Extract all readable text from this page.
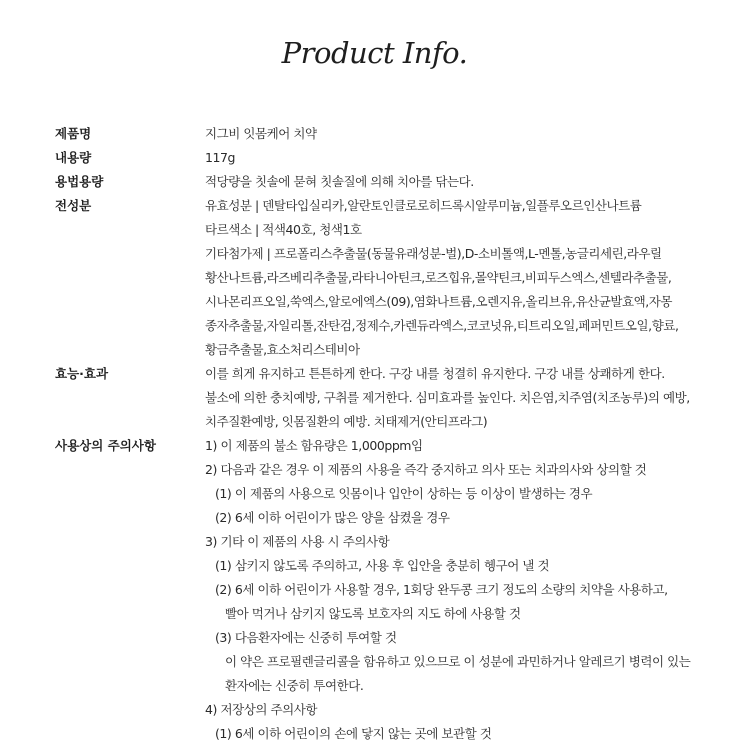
Product Info.
제품명	지그비 잇몸케어 치약
내용량	117g
용법용량	적당량을 칫솔에 묻혀 칫솔질에 의해 치아를 닦는다.
전성분	유효성분 | 덴탈타입실리카,알란토인클로로히드록시알루미늄,일플루오르인산나트륨
타르색소 | 적색40호, 청색1호
기타첨가제 | 프로폴리스추출물(동물유래성분-벌),D-소비톨액,L-멘톨,농글리세린,라우릴
황산나트륨,라즈베리추출물,라타니아틴크,로즈힙유,몰약틴크,비피두스엑스,센텔라추출물,
시나몬리프오일,쑥엑스,알로에엑스(09),염화나트륨,오렌지유,올리브유,유산균발효액,자몽
종자추출물,자일리톨,잔탄검,정제수,카렌듀라엑스,코코넛유,티트리오일,페퍼민트오일,향료,
황금추출물,효소처리스테비아
효능·효과	이를 희게 유지하고 튼튼하게 한다. 구강 내를 청결히 유지한다. 구강 내를 상쾌하게 한다.
불소에 의한 충치예방, 구취를 제거한다. 심미효과를 높인다. 치은염,치주염(치조농루)의 예방,
치주질환예방, 잇몸질환의 예방. 치태제거(안티프라그)
사용상의 주의사항	1) 이 제품의 불소 함유량은 1,000ppm임
2) 다음과 같은 경우 이 제품의 사용을 즉각 중지하고 의사 또는 치과의사와 상의할 것
(1) 이 제품의 사용으로 잇몸이나 입안이 상하는 등 이상이 발생하는 경우
(2) 6세 이하 어린이가 많은 양을 삼켰을 경우
3) 기타 이 제품의 사용 시 주의사항
(1) 삼키지 않도록 주의하고, 사용 후 입안을 충분히 헹구어 낼 것
(2) 6세 이하 어린이가 사용할 경우, 1회당 완두콩 크기 정도의 소량의 치약을 사용하고,
빨아 먹거나 삼키지 않도록 보호자의 지도 하에 사용할 것
(3) 다음환자에는 신중히 투여할 것
이 약은 프로필렌글리콜을 함유하고 있으므로 이 성분에 과민하거나 알레르기 병력이 있는
환자에는 신중히 투여한다.
4) 저장상의 주의사항
(1) 6세 이하 어린이의 손에 닿지 않는 곳에 보관할 것
